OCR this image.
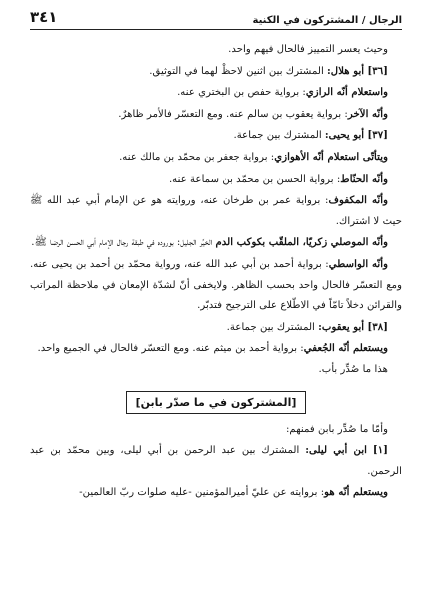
الرجال / المشتركون في الكنية
٣٤١

وحيث يعسر التمييز فالحال فيهم واحد.

[٣٦] أبو هلال: المشترك بين اثنين لاحظْ لهما في التوثيق.

واستعلام أنّه الرازي: برواية حفص بن البختري عنه.

وأنّه الآخر: برواية يعقوب بن سالم عنه. ومع التعسّر فالأمر ظاهرٌ.

[٣٧] أبو يحيى: المشترك بين جماعة.

ويتأتّى استعلام أنّه الأهوازي: برواية جعفر بن محمّد بن مالك عنه.

وأنّه الحنّاط: برواية الحسن بن محمّد بن سماعة عنه.

وأنّه المكفوف: برواية عمر بن طرخان عنه، وروايته هو عن الإمام أبي عبد الله ﷺ حيث لا اشتراك.

وأنّه الموصلي زكريّا، الملقّب بكوكب الدم الخيِّر الجليل: بوروده في طبقة رجال الإمام أبي الحسن الرضا ﷺ.

وأنّه الواسطي: برواية أحمد بن أبي عبد الله عنه، ورواية محمّد بن أحمد بن يحيى عنه. ومع التعسّر فالحال واحد بحسب الظاهر. ولايخفى أنّ لشدّة الإمعان في ملاحظة المراتب والقرائن دخلاً تامّاً في الاطّلاع على الترجيح فتدبّر.

[٣٨] أبو يعقوب: المشترك بين جماعة.

ويستعلم أنّه الجُعفي: برواية أحمد بن ميثم عنه. ومع التعسّر فالحال في الجميع واحد.

هذا ما صُدِّر بأب.

[المشتركون في ما صدّر بابن]

وأمّا ما صُدِّر بابن فمنهم:

[١] ابن أبي ليلى: المشترك بين عبد الرحمن بن أبي ليلى، وبين محمّد بن عبد الرحمن.

ويستعلم أنّه هو: بروايته عن عليّ أميرالمؤمنين -عليه صلوات ربّ العالمين-
